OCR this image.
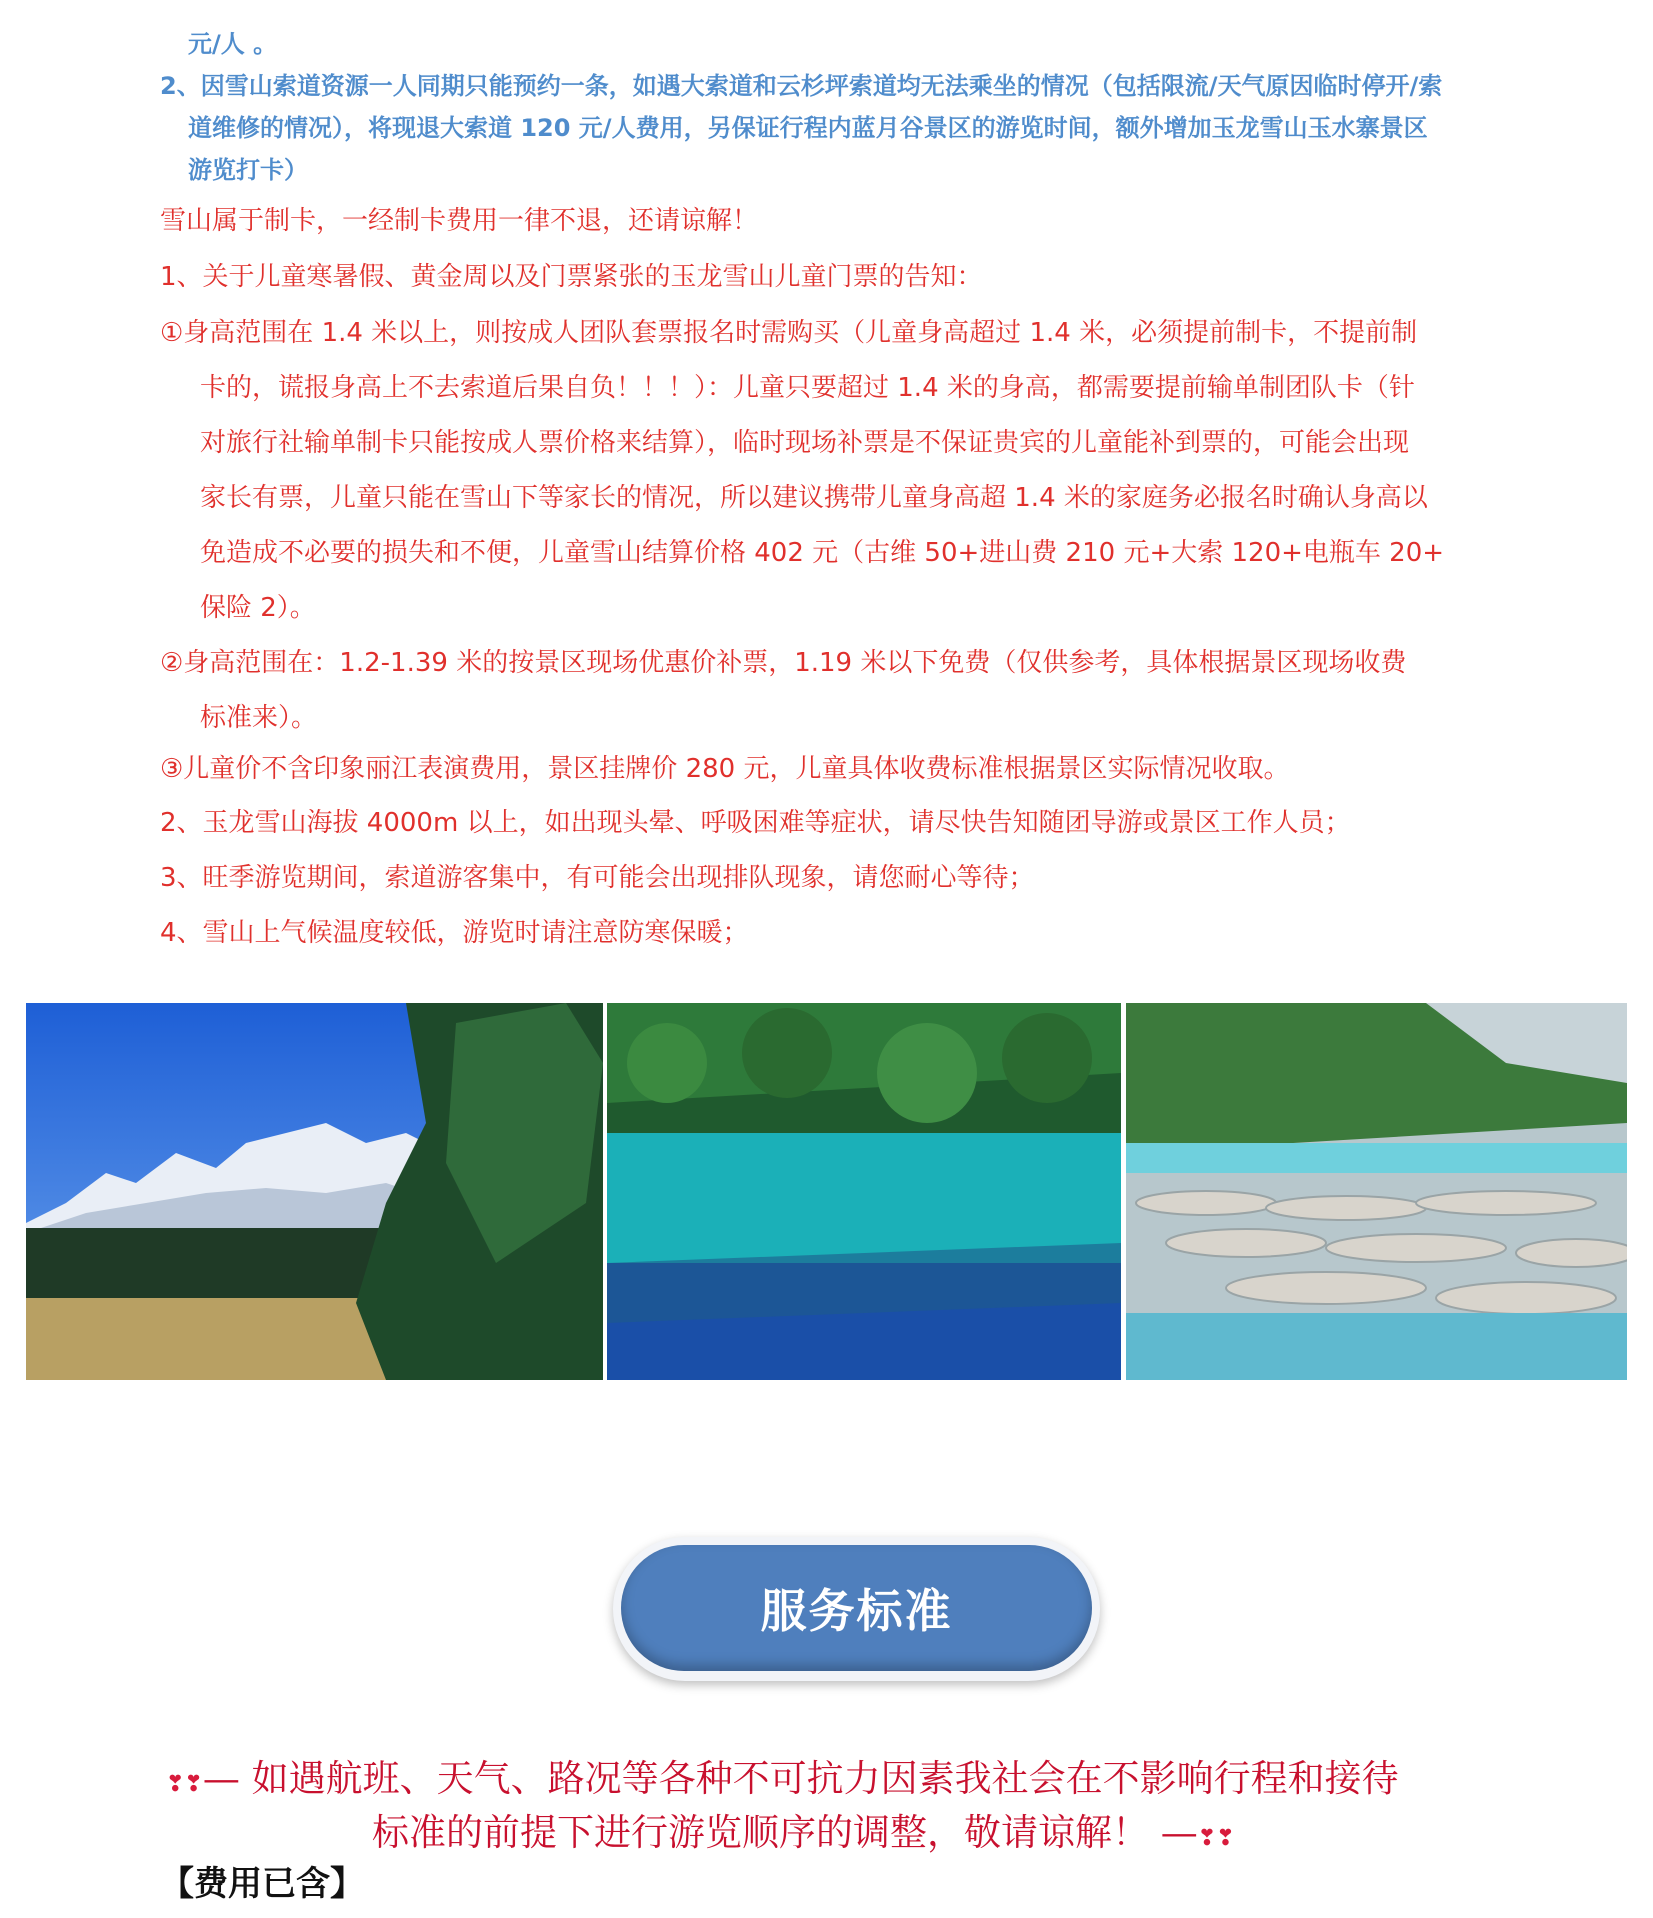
元/人 。
2、因雪山索道资源一人同期只能预约一条，如遇大索道和云杉坪索道均无法乘坐的情况（包括限流/天气原因临时停开/索
道维修的情况），将现退大索道 120 元/人费用，另保证行程内蓝月谷景区的游览时间，额外增加玉龙雪山玉水寨景区
游览打卡）
雪山属于制卡，一经制卡费用一律不退，还请谅解！
1、关于儿童寒暑假、黄金周以及门票紧张的玉龙雪山儿童门票的告知：
①身高范围在 1.4 米以上，则按成人团队套票报名时需购买（儿童身高超过 1.4 米，必须提前制卡，不提前制
卡的，谎报身高上不去索道后果自负！！！）：儿童只要超过 1.4 米的身高，都需要提前输单制团队卡（针
对旅行社输单制卡只能按成人票价格来结算），临时现场补票是不保证贵宾的儿童能补到票的，可能会出现
家长有票，儿童只能在雪山下等家长的情况，所以建议携带儿童身高超 1.4 米的家庭务必报名时确认身高以
免造成不必要的损失和不便，儿童雪山结算价格 402 元（古维 50+进山费 210 元+大索 120+电瓶车 20+
保险 2）。
②身高范围在：1.2-1.39 米的按景区现场优惠价补票，1.19 米以下免费（仅供参考，具体根据景区现场收费
标准来）。
③儿童价不含印象丽江表演费用，景区挂牌价 280 元，儿童具体收费标准根据景区实际情况收取。
2、玉龙雪山海拔 4000m 以上，如出现头晕、呼吸困难等症状，请尽快告知随团导游或景区工作人员；
3、旺季游览期间，索道游客集中，有可能会出现排队现象，请您耐心等待；
4、雪山上气候温度较低，游览时请注意防寒保暖；
服务标准
❣❣— 如遇航班、天气、路况等各种不可抗力因素我社会在不影响行程和接待
标准的前提下进行游览顺序的调整，敬请谅解！ —❣❣
【费用已含】
